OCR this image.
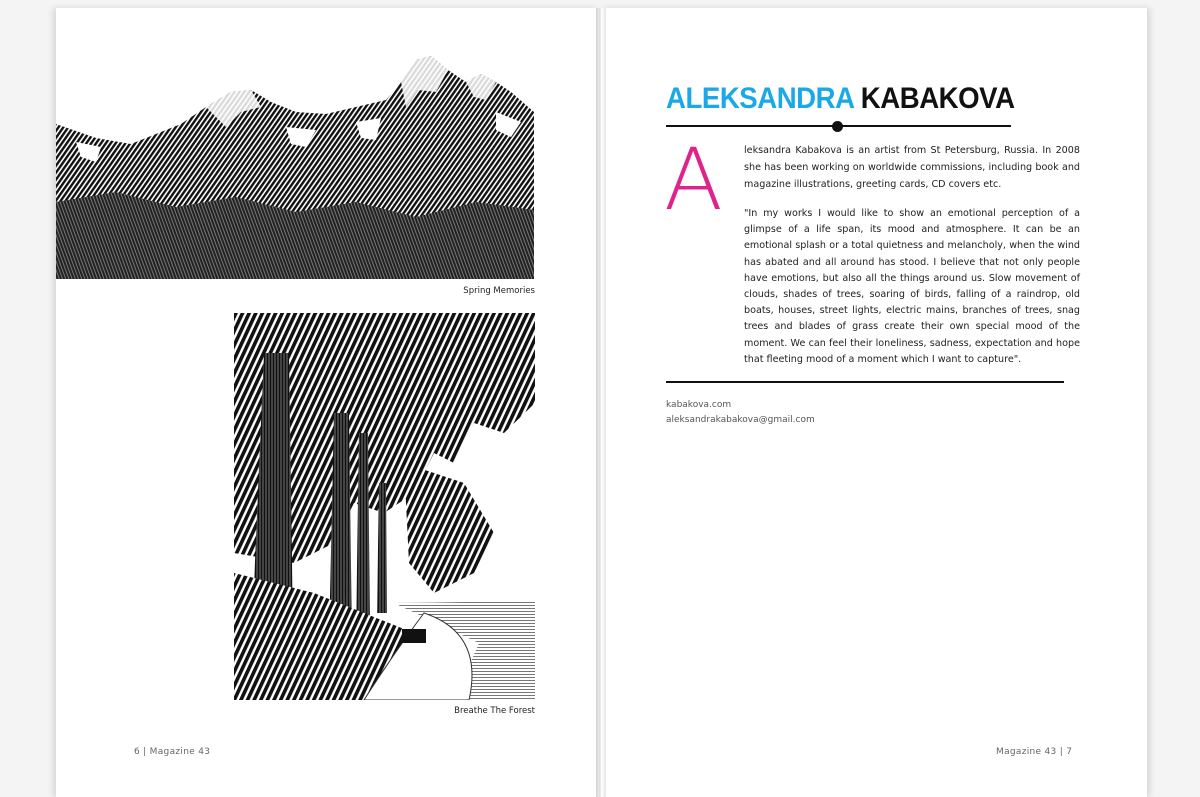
Spring Memories
Breathe The Forest
6 | Magazine 43
ALEKSANDRA KABAKOVA
A leksandra Kabakova is an artist from St Petersburg, Russia. In 2008 she has been working on worldwide commissions, including book and magazine illustrations, greeting cards, CD covers etc.
"In my works I would like to show an emotional perception of a glimpse of a life span, its mood and atmosphere. It can be an emotional splash or a total quietness and melancholy, when the wind has abated and all around has stood. I believe that not only people have emotions, but also all the things around us. Slow movement of clouds, shades of trees, soaring of birds, falling of a raindrop, old boats, houses, street lights, electric mains, branches of trees, snag trees and blades of grass create their own special mood of the moment. We can feel their loneliness, sadness, expectation and hope that fleeting mood of a moment which I want to capture".
kabakova.com
aleksandrakabakova@gmail.com
Magazine 43 | 7
